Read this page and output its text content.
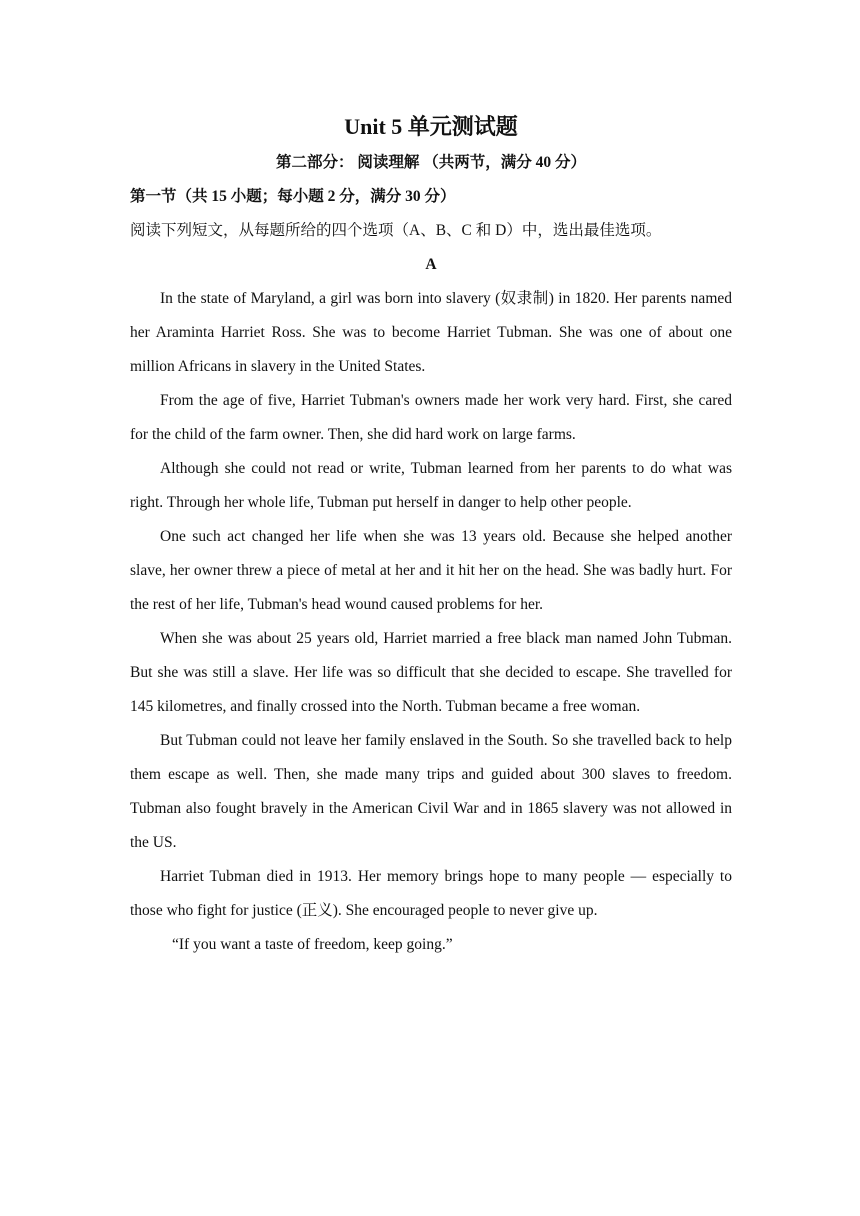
Unit 5 单元测试题

第二部分： 阅读理解 （共两节，满分 40 分）

第一节（共 15 小题；每小题 2 分，满分 30 分）

阅读下列短文，从每题所给的四个选项（A、B、C 和 D）中，选出最佳选项。

A

In the state of Maryland, a girl was born into slavery (奴隶制) in 1820. Her parents named her Araminta Harriet Ross. She was to become Harriet Tubman. She was one of about one million Africans in slavery in the United States.

From the age of five, Harriet Tubman's owners made her work very hard. First, she cared for the child of the farm owner. Then, she did hard work on large farms.

Although she could not read or write, Tubman learned from her parents to do what was right. Through her whole life, Tubman put herself in danger to help other people.

One such act changed her life when she was 13 years old. Because she helped another slave, her owner threw a piece of metal at her and it hit her on the head. She was badly hurt. For the rest of her life, Tubman's head wound caused problems for her.

When she was about 25 years old, Harriet married a free black man named John Tubman. But she was still a slave. Her life was so difficult that she decided to escape. She travelled for 145 kilometres, and finally crossed into the North. Tubman became a free woman.

But Tubman could not leave her family enslaved in the South. So she travelled back to help them escape as well. Then, she made many trips and guided about 300 slaves to freedom. Tubman also fought bravely in the American Civil War and in 1865 slavery was not allowed in the US.

Harriet Tubman died in 1913. Her memory brings hope to many people — especially to those who fight for justice (正义). She encouraged people to never give up.

“If you want a taste of freedom, keep going.”
